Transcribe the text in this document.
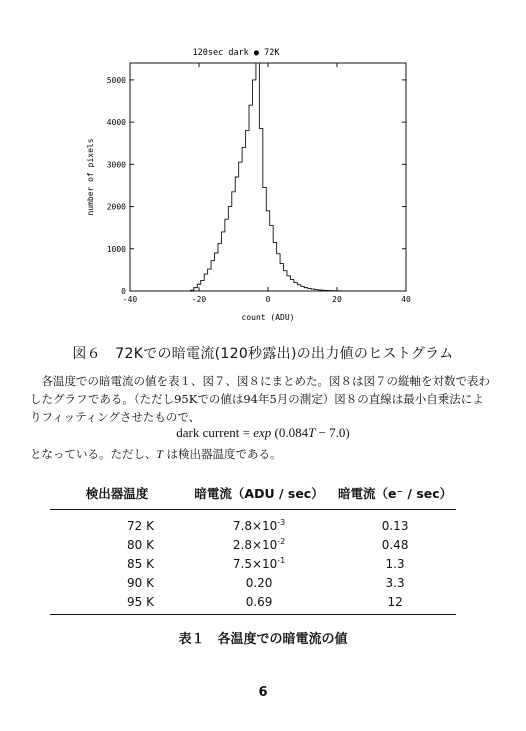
120sec dark ● 72K
0
1000
2000
3000
4000
5000
-40	-20	0	20	40
count (ADU)
number of pixels
図６　72Kでの暗電流(120秒露出)の出力値のヒストグラム

各温度での暗電流の値を表１、図７、図８にまとめた。図８は図７の縦軸を対数で表わ

したグラフである。（ただし95Kでの値は94年5月の測定）図８の直線は最小自乗法によ

りフィッティングさせたもので、

dark current = exp (0.084T − 7.0)
となっている。ただし、T は検出器温度である。
検出器温度	暗電流（ADU / sec）	暗電流（e⁻ / sec）
72 K	$7.8\times 10^{-3}$	0.13
80 K	$2.8\times 10^{-2}$	0.48
85 K	$7.5\times 10^{-1}$	1.3
90 K	0.20	3.3
95 K	0.69	12
表１　各温度での暗電流の値
6
